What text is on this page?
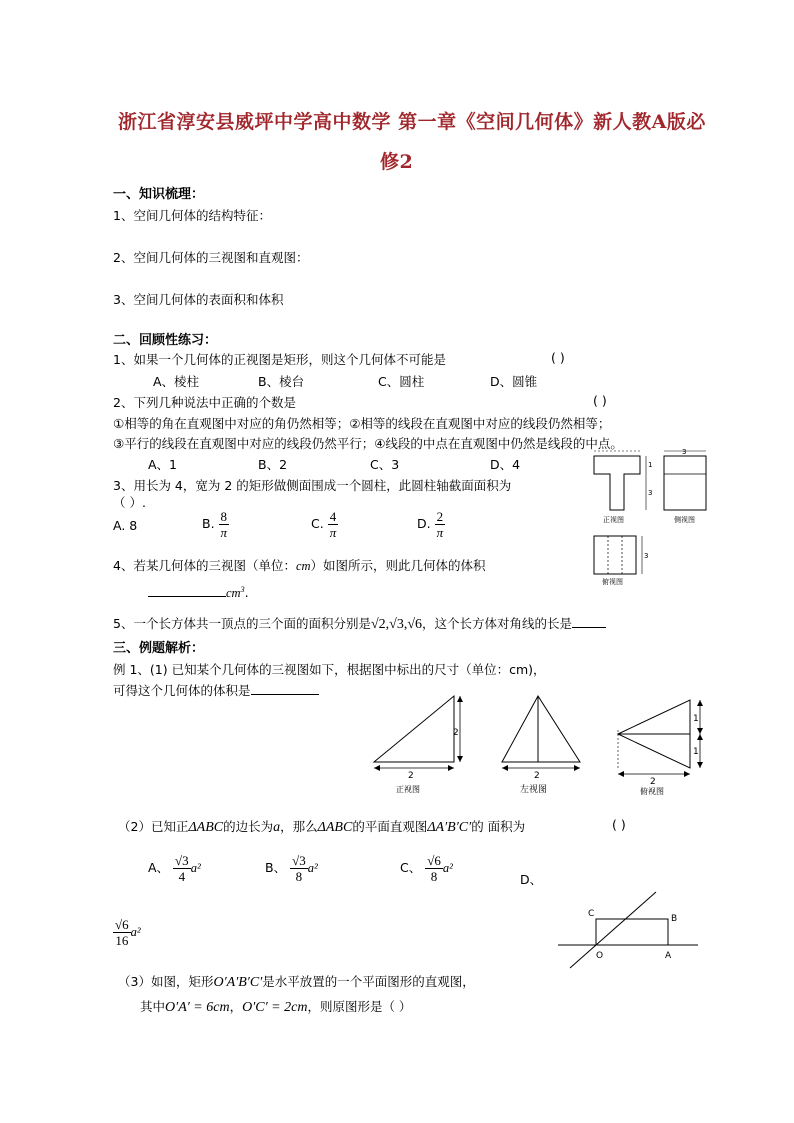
浙江省淳安县威坪中学高中数学 第一章《空间几何体》新人教A版必
修2
一、知识梳理：
1、空间几何体的结构特征：
2、空间几何体的三视图和直观图：
3、空间几何体的表面积和体积
二、回顾性练习：
1、如果一个几何体的正视图是矩形，则这个几何体不可能是	( )
A、棱柱	B、棱台	C、圆柱	D、圆锥
2、下列几种说法中正确的个数是	( )
①相等的角在直观图中对应的角仍然相等；②相等的线段在直观图中对应的线段仍然相等；
③平行的线段在直观图中对应的线段仍然平行；④线段的中点在直观图中仍然是线段的中点。
A、1	B、2	C、3	D、4
3、用长为 4，宽为 2 的矩形做侧面围成一个圆柱，此圆柱轴截面面积为
（ ）.
A. 8	B. $\frac{8}{\pi}$	C. $\frac{4}{\pi}$	D. $\frac{2}{\pi}$
4、若某几何体的三视图（单位：cm）如图所示，则此几何体的体积
$cm^3$.
5、一个长方体共一顶点的三个面的面积分别是√2,√3,√6，这个长方体对角线的长是
1
3
正视图
3
侧视图
3
俯视图
三、例题解析：
例 1、(1) 已知某个几何体的三视图如下，根据图中标出的尺寸（单位：cm)，
可得这个几何体的体积是
2
2
正视图
2
左视图
1
1
2
俯视图
（2）已知正ΔABC的边长为a，那么ΔABC的平面直观图ΔA′B′C′的 面积为	( )
A、 $\frac{√3}{4} a^2$	B、 $\frac{√3}{8} a^2$	C、 $\frac{√6}{8} a^2$
D、
$\frac{√6}{16} a^2$
C	B
O	A
（3）如图，矩形O′A′B′C′是水平放置的一个平面图形的直观图，
其中O′A′ = 6cm，O′C′ = 2cm，则原图形是（ ）
